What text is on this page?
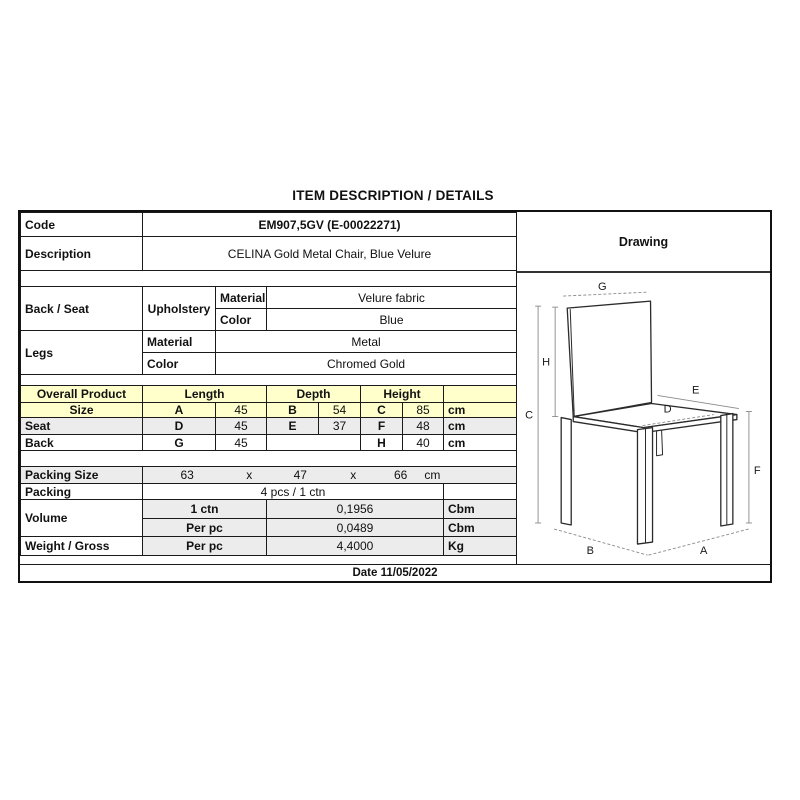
ITEM DESCRIPTION / DETAILS
Code	EM907,5GV (E-00022271)						
Description	CELINA Gold Metal Chair, Blue Velure						

Back / Seat	Upholstery	Material	Velure fabric				
		Color	Blue				
Legs	Material	Metal					
	Color	Chromed Gold					

Overall Product	Length		Depth		Height		
Size	A	45	B	54	C	85	cm
Seat	D	45	E	37	F	48	cm
Back	G	45			H	40	cm

Packing Size	63	x	47	x	66	cm

Packing	4 pcs / 1 ctn						
Volume	1 ctn		0,1956				Cbm
	Per pc		0,0489				Cbm
Weight / Gross	Per pc		4,4000				Kg
Drawing
G
H
C
E
D
F
B	A
Date 11/05/2022
